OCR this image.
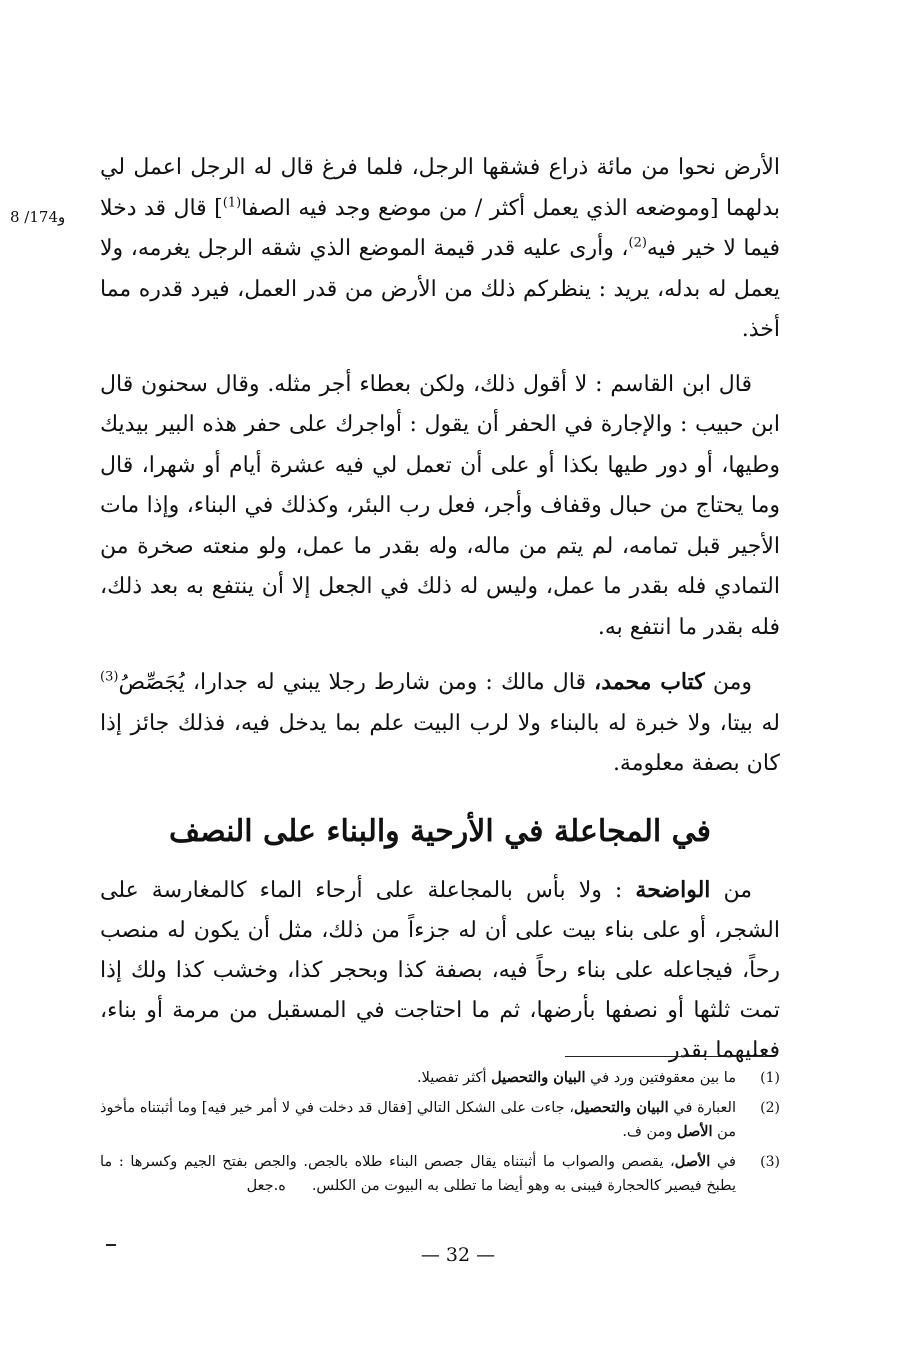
8 /174و

الأرض نحوا من مائة ذراع فشقها الرجل، فلما فرغ قال له الرجل اعمل لي بدلهما [وموضعه الذي يعمل أكثر / من موضع وجد فيه الصفا$^{(1)}$] قال قد دخلا فيما لا خير فيه$^{(2)}$، وأرى عليه قدر قيمة الموضع الذي شقه الرجل يغرمه، ولا يعمل له بدله، يريد : ينظركم ذلك من الأرض من قدر العمل، فيرد قدره مما أخذ.

قال ابن القاسم : لا أقول ذلك، ولكن بعطاء أجر مثله. وقال سحنون قال ابن حبيب : والإجارة في الحفر أن يقول : أواجرك على حفر هذه البير بيديك وطيها، أو دور طيها بكذا أو على أن تعمل لي فيه عشرة أيام أو شهرا، قال وما يحتاج من حبال وقفاف وأجر، فعل رب البئر، وكذلك في البناء، وإذا مات الأجير قبل تمامه، لم يتم من ماله، وله بقدر ما عمل، ولو منعته صخرة من التمادي فله بقدر ما عمل، وليس له ذلك في الجعل إلا أن ينتفع به بعد ذلك، فله بقدر ما انتفع به.

ومن كتاب محمد، قال مالك : ومن شارط رجلا يبني له جدارا، يُجَصِّصُ$^{(3)}$ له بيتا، ولا خبرة له بالبناء ولا لرب البيت علم بما يدخل فيه، فذلك جائز إذا كان بصفة معلومة.

في المجاعلة في الأرحية والبناء على النصف

من الواضحة : ولا بأس بالمجاعلة على أرحاء الماء كالمغارسة على الشجر، أو على بناء بيت على أن له جزءاً من ذلك، مثل أن يكون له منصب رحاً، فيجاعله على بناء رحاً فيه، بصفة كذا وبحجر كذا، وخشب كذا ولك إذا تمت ثلثها أو نصفها بأرضها، ثم ما احتاجت في المسقبل من مرمة أو بناء، فعليهما بقدر

(1)
ما بين معقوفتين ورد في البيان والتحصيل أكثر تفصيلا.
(2)
العبارة في البيان والتحصيل، جاءت على الشكل التالي [فقال قد دخلت في لا أمر خير فيه] وما أثبتناه مأخوذ من الأصل ومن ف.
(3)
في الأصل، يقصص والصواب ما أثبتناه يقال جصص البناء طلاه بالجص. والجص بفتح الجيم وكسرها : ما يطبخ فيصير كالحجارة فيبنى به وهو أيضا ما تطلى به البيوت من الكلس.ه.جعل
— 32 —
